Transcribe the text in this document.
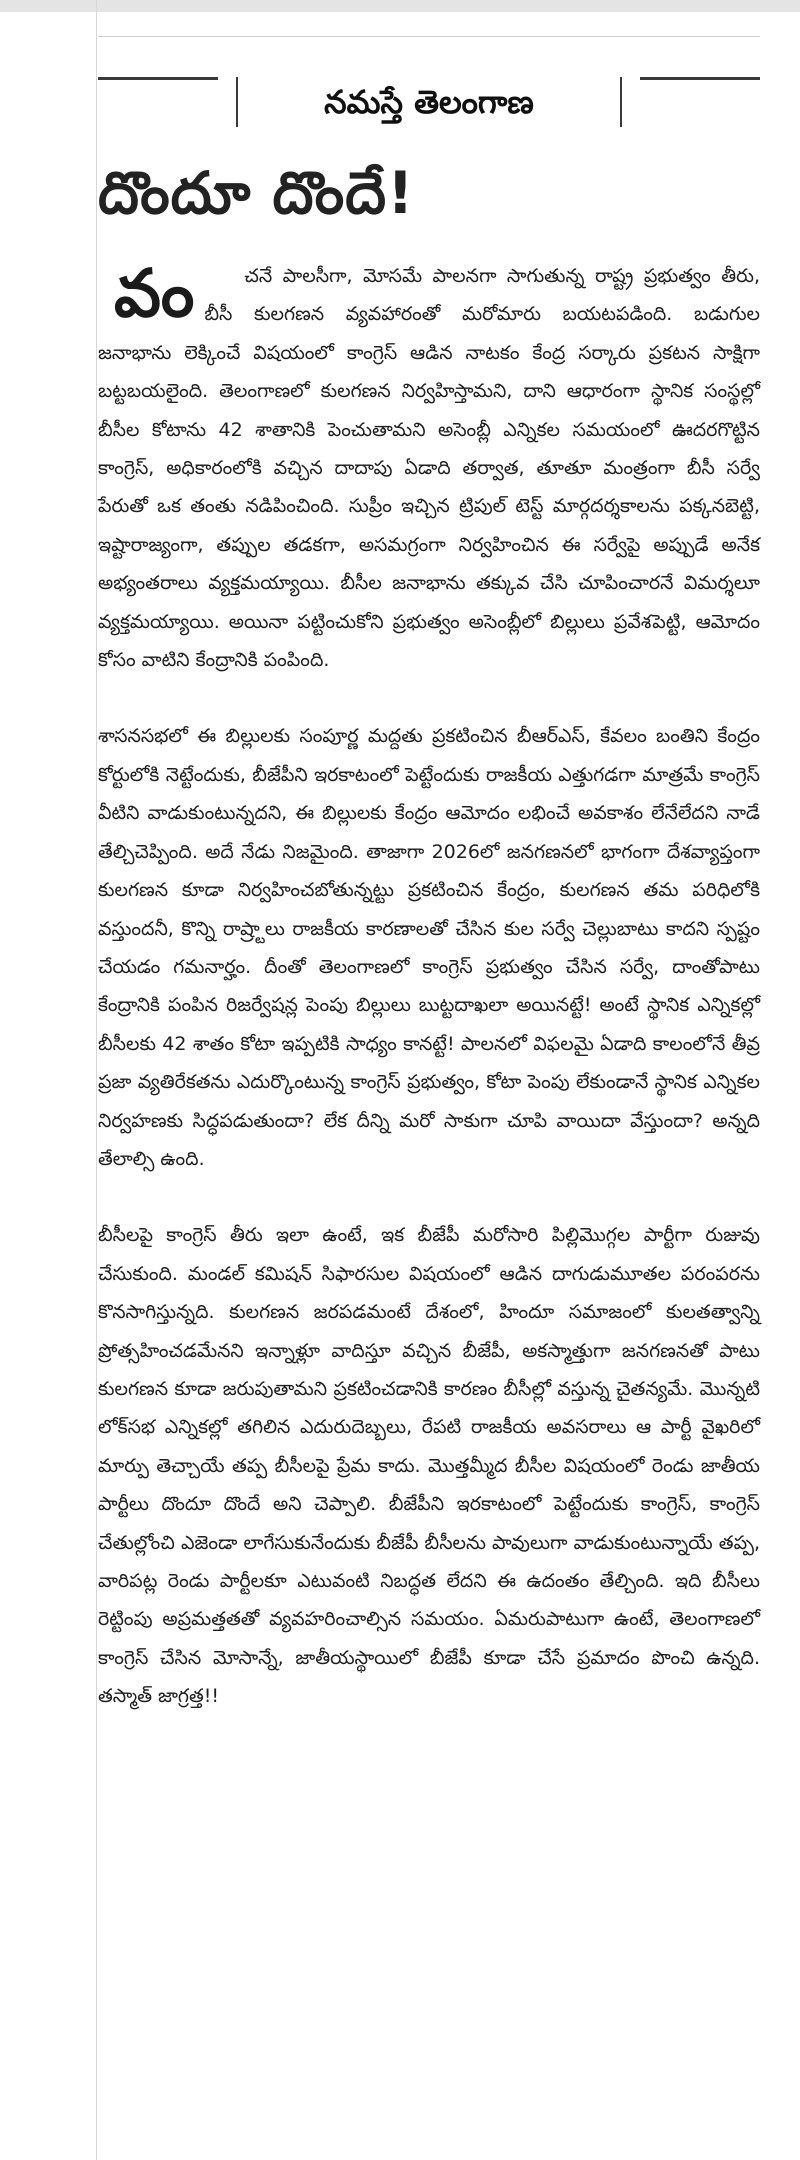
నమస్తే తెలంగాణ
దొందూ దొందే!

వం	చనే పాలసీగా, మోసమే పాలనగా సాగుతున్న రాష్ట్ర ప్రభుత్వం తీరు, బీసీ కులగణన వ్యవహారంతో మరోమారు బయటపడింది. బడుగుల జనాభాను లెక్కించే విషయంలో కాంగ్రెస్ ఆడిన నాటకం కేంద్ర సర్కారు ప్రకటన సాక్షిగా బట్టబయలైంది. తెలంగాణలో కులగణన నిర్వహిస్తామని, దాని ఆధారంగా స్థానిక సంస్థల్లో బీసీల కోటాను 42 శాతానికి పెంచుతామని అసెంబ్లీ ఎన్నికల సమయంలో ఊదరగొట్టిన కాంగ్రెస్, అధికారంలోకి వచ్చిన దాదాపు ఏడాది తర్వాత, తూతూ మంత్రంగా బీసీ సర్వే పేరుతో ఒక తంతు నడిపించింది. సుప్రీం ఇచ్చిన ట్రిపుల్ టెస్ట్ మార్గదర్శకాలను పక్కనబెట్టి, ఇష్టారాజ్యంగా, తప్పుల తడకగా, అసమగ్రంగా నిర్వహించిన ఈ సర్వేపై అప్పుడే అనేక అభ్యంతరాలు వ్యక్తమయ్యాయి. బీసీల జనాభాను తక్కువ చేసి చూపించారనే విమర్శలూ వ్యక్తమయ్యాయి. అయినా పట్టించుకోని ప్రభుత్వం అసెంబ్లీలో బిల్లులు ప్రవేశపెట్టి, ఆమోదం కోసం వాటిని కేంద్రానికి పంపింది.

శాసనసభలో ఈ బిల్లులకు సంపూర్ణ మద్దతు ప్రకటించిన బీఆర్ఎస్, కేవలం బంతిని కేంద్రం కోర్టులోకి నెట్టేందుకు, బీజేపీని ఇరకాటంలో పెట్టేందుకు రాజకీయ ఎత్తుగడగా మాత్రమే కాంగ్రెస్ వీటిని వాడుకుంటున్నదని, ఈ బిల్లులకు కేంద్రం ఆమోదం లభించే అవకాశం లేనేలేదని నాడే తేల్చిచెప్పింది. అదే నేడు నిజమైంది. తాజాగా 2026లో జనగణనలో భాగంగా దేశవ్యాప్తంగా కులగణన కూడా నిర్వహించబోతున్నట్టు ప్రకటించిన కేంద్రం, కులగణన తమ పరిధిలోకి వస్తుందనీ, కొన్ని రాష్ర్టాలు రాజకీయ కారణాలతో చేసిన కుల సర్వే చెల్లుబాటు కాదని స్పష్టం చేయడం గమనార్హం. దీంతో తెలంగాణలో కాంగ్రెస్ ప్రభుత్వం చేసిన సర్వే, దాంతోపాటు కేంద్రానికి పంపిన రిజర్వేషన్ల పెంపు బిల్లులు బుట్టదాఖలా అయినట్టే! అంటే స్థానిక ఎన్నికల్లో బీసీలకు 42 శాతం కోటా ఇప్పటికి సాధ్యం కానట్టే! పాలనలో విఫలమై ఏడాది కాలంలోనే తీవ్ర ప్రజా వ్యతిరేకతను ఎదుర్కొంటున్న కాంగ్రెస్ ప్రభుత్వం, కోటా పెంపు లేకుండానే స్థానిక ఎన్నికల నిర్వహణకు సిద్ధపడుతుందా? లేక దీన్ని మరో సాకుగా చూపి వాయిదా వేస్తుందా? అన్నది తేలాల్సి ఉంది.

బీసీలపై కాంగ్రెస్ తీరు ఇలా ఉంటే, ఇక బీజేపీ మరోసారి పిల్లిమొగ్గల పార్టీగా రుజువు చేసుకుంది. మండల్ కమిషన్ సిఫారసుల విషయంలో ఆడిన దాగుడుమూతల పరంపరను కొనసాగిస్తున్నది. కులగణన జరపడమంటే దేశంలో, హిందూ సమాజంలో కులతత్వాన్ని ప్రోత్సహించడమేనని ఇన్నాళ్లూ వాదిస్తూ వచ్చిన బీజేపీ, అకస్మాత్తుగా జనగణనతో పాటు కులగణన కూడా జరుపుతామని ప్రకటించడానికి కారణం బీసీల్లో వస్తున్న చైతన్యమే. మొన్నటి లోక్‌సభ ఎన్నికల్లో తగిలిన ఎదురుదెబ్బలు, రేపటి రాజకీయ అవసరాలు ఆ పార్టీ వైఖరిలో మార్పు తెచ్చాయే తప్ప బీసీలపై ప్రేమ కాదు. మొత్తమ్మీద బీసీల విషయంలో రెండు జాతీయ పార్టీలు దొందూ దొందే అని చెప్పాలి. బీజేపీని ఇరకాటంలో పెట్టేందుకు కాంగ్రెస్, కాంగ్రెస్ చేతుల్లోంచి ఎజెండా లాగేసుకునేందుకు బీజేపీ బీసీలను పావులుగా వాడుకుంటున్నాయే తప్ప, వారిపట్ల రెండు పార్టీలకూ ఎటువంటి నిబద్ధత లేదని ఈ ఉదంతం తేల్చింది. ఇది బీసీలు రెట్టింపు అప్రమత్తతతో వ్యవహరించాల్సిన సమయం. ఏమరుపాటుగా ఉంటే, తెలంగాణలో కాంగ్రెస్ చేసిన మోసాన్నే, జాతీయస్థాయిలో బీజేపీ కూడా చేసే ప్రమాదం పొంచి ఉన్నది. తస్మాత్ జాగ్రత్త!!
